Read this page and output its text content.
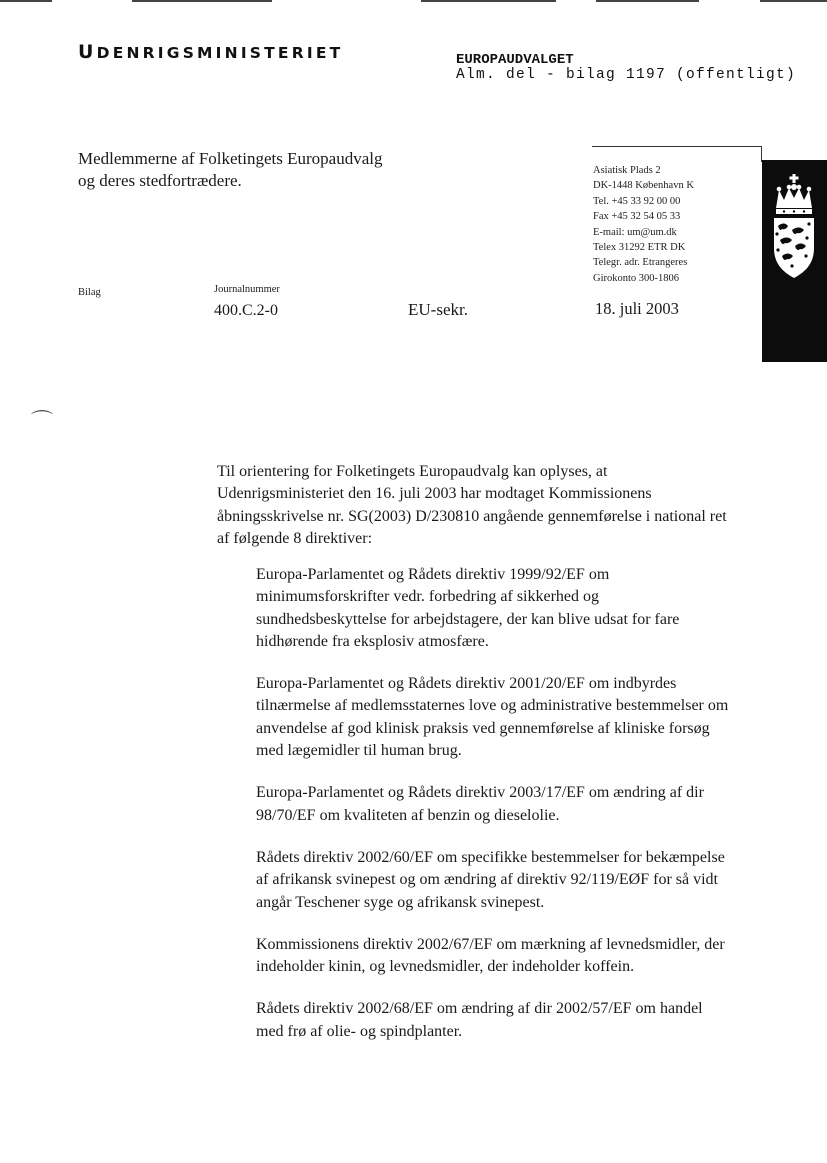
UDENRIGSMINISTERIET	EUROPAUDVALGET
Alm. del - bilag 1197 (offentligt)
Medlemmerne af Folketingets Europaudvalg
og deres stedfortrædere.
Asiatisk Plads 2
DK-1448 København K
Tel. +45 33 92 00 00
Fax +45 32 54 05 33
E-mail: um@um.dk
Telex 31292 ETR DK
Telegr. adr. Etrangeres
Girokonto 300-1806
Bilag	Journalnummer
400.C.2-0	EU-sekr.	18. juli 2003
⌒
Til orientering for Folketingets Europaudvalg kan oplyses, at Udenrigsministeriet den 16. juli 2003 har modtaget Kommissionens åbningsskrivelse nr. SG(2003) D/230810 angående gennemførelse i national ret af følgende 8 direktiver:

Europa-Parlamentet og Rådets direktiv 1999/92/EF om minimumsforskrifter vedr. forbedring af sikkerhed og sundhedsbeskyttelse for arbejdstagere, der kan blive udsat for fare hidhørende fra eksplosiv atmosfære.

Europa-Parlamentet og Rådets direktiv 2001/20/EF om indbyrdes tilnærmelse af medlemsstaternes love og administrative bestemmelser om anvendelse af god klinisk praksis ved gennemførelse af kliniske forsøg med lægemidler til human brug.

Europa-Parlamentet og Rådets direktiv 2003/17/EF om ændring af dir 98/70/EF om kvaliteten af benzin og dieselolie.

Rådets direktiv 2002/60/EF om specifikke bestemmelser for bekæmpelse af afrikansk svinepest og om ændring af direktiv 92/119/EØF for så vidt angår Teschener syge og afrikansk svinepest.

Kommissionens direktiv 2002/67/EF om mærkning af levnedsmidler, der indeholder kinin, og levnedsmidler, der indeholder koffein.

Rådets direktiv 2002/68/EF om ændring af dir 2002/57/EF om handel med frø af olie- og spindplanter.
